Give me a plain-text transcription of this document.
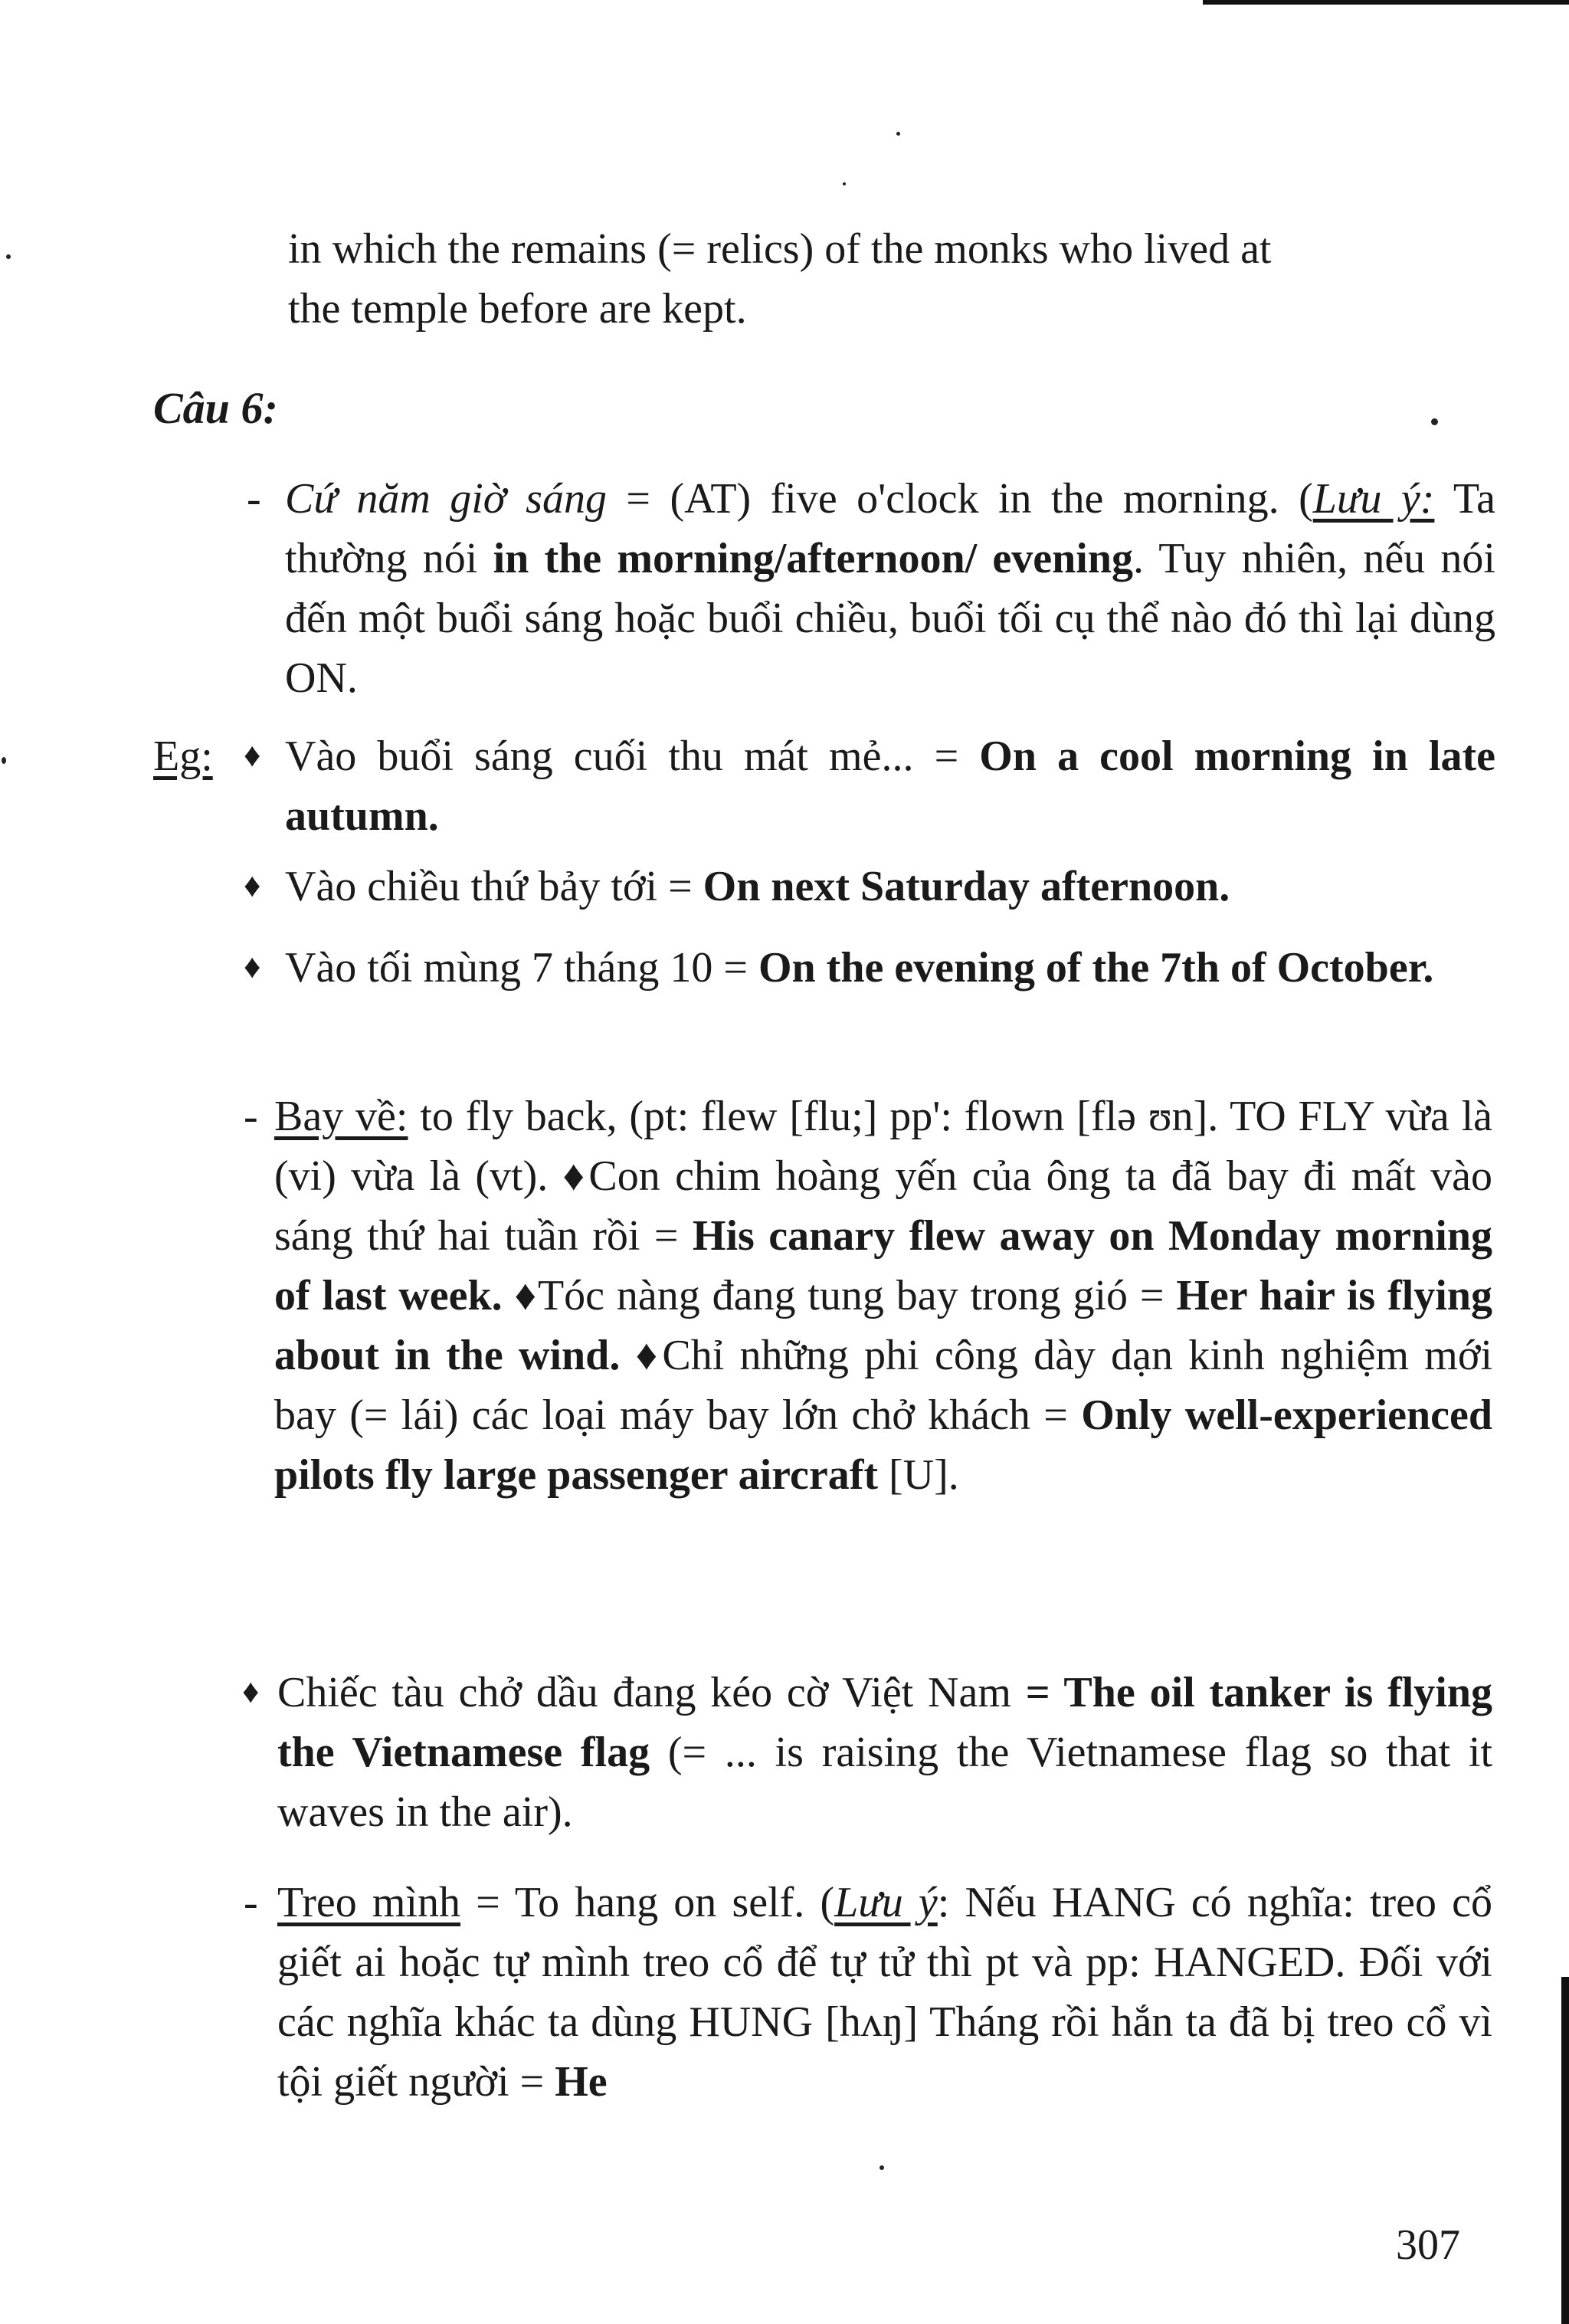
in which the remains (= relics) of the monks who lived at
the temple before are kept.
Câu 6:
- Cứ năm giờ sáng = (AT) five o'clock in the morning. (Lưu ý: Ta thường nói in the morning/afternoon/ evening. Tuy nhiên, nếu nói đến một buổi sáng hoặc buổi chiều, buổi tối cụ thể nào đó thì lại dùng ON.
Eg: ♦ Vào buổi sáng cuối thu mát mẻ... = On a cool morning in late autumn.
♦ Vào chiều thứ bảy tới = On next Saturday afternoon.
♦ Vào tối mùng 7 tháng 10 = On the evening of the 7th of October.
- Bay về: to fly back, (pt: flew [flu;] pp': flown [flə ʊn]. TO FLY vừa là (vi) vừa là (vt). ♦Con chim hoàng yến của ông ta đã bay đi mất vào sáng thứ hai tuần rồi = His canary flew away on Monday morning of last week. ♦Tóc nàng đang tung bay trong gió = Her hair is flying about in the wind. ♦Chỉ những phi công dày dạn kinh nghiệm mới bay (= lái) các loại máy bay lớn chở khách = Only well-experienced pilots fly large passenger aircraft [U].
♦ Chiếc tàu chở dầu đang kéo cờ Việt Nam = The oil tanker is flying the Vietnamese flag (= ... is raising the Vietnamese flag so that it waves in the air).
- Treo mình = To hang on self. (Lưu ý: Nếu HANG có nghĩa: treo cổ giết ai hoặc tự mình treo cổ để tự tử thì pt và pp: HANGED. Đối với các nghĩa khác ta dùng HUNG [hʌŋ] Tháng rồi hắn ta đã bị treo cổ vì tội giết người = He
307
